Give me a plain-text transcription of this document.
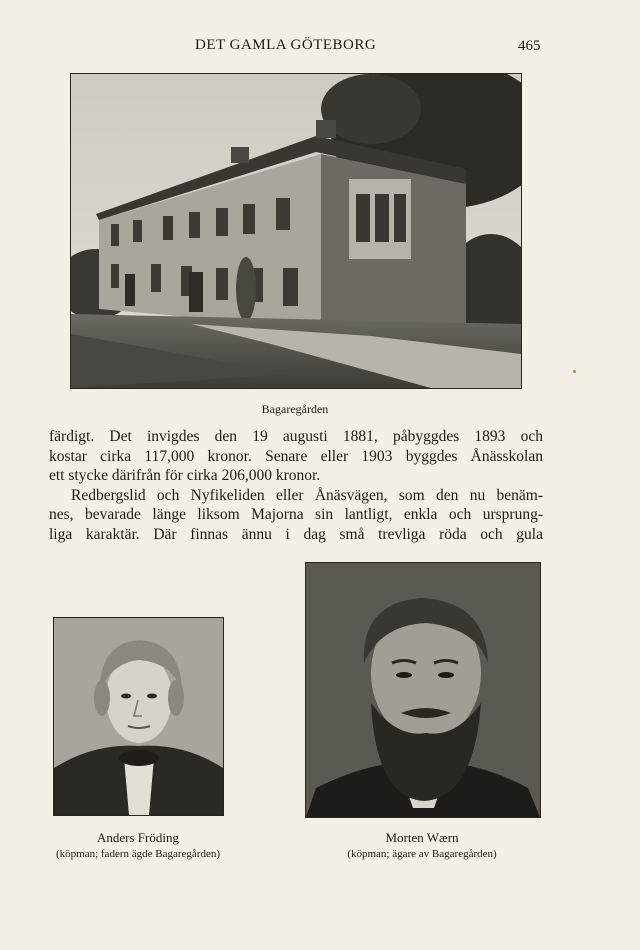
DET GAMLA GÖTEBORG	465
Bagaregården

färdigt. Det invigdes den 19 augusti 1881, påbyggdes 1893 och

kostar cirka 117,000 kronor. Senare eller 1903 byggdes Ånässkolan

ett stycke därifrån för cirka 206,000 kronor.

Redbergslid och Nyfikeliden eller Ånäsvägen, som den nu benäm-

nes, bevarade länge liksom Majorna sin lantligt, enkla och ursprung-

liga karaktär. Där finnas ännu i dag små trevliga röda och gula

Anders Fröding
(köpman; fadern ägde Bagaregården)
Morten Wærn
(köpman; ägare av Bagaregården)
